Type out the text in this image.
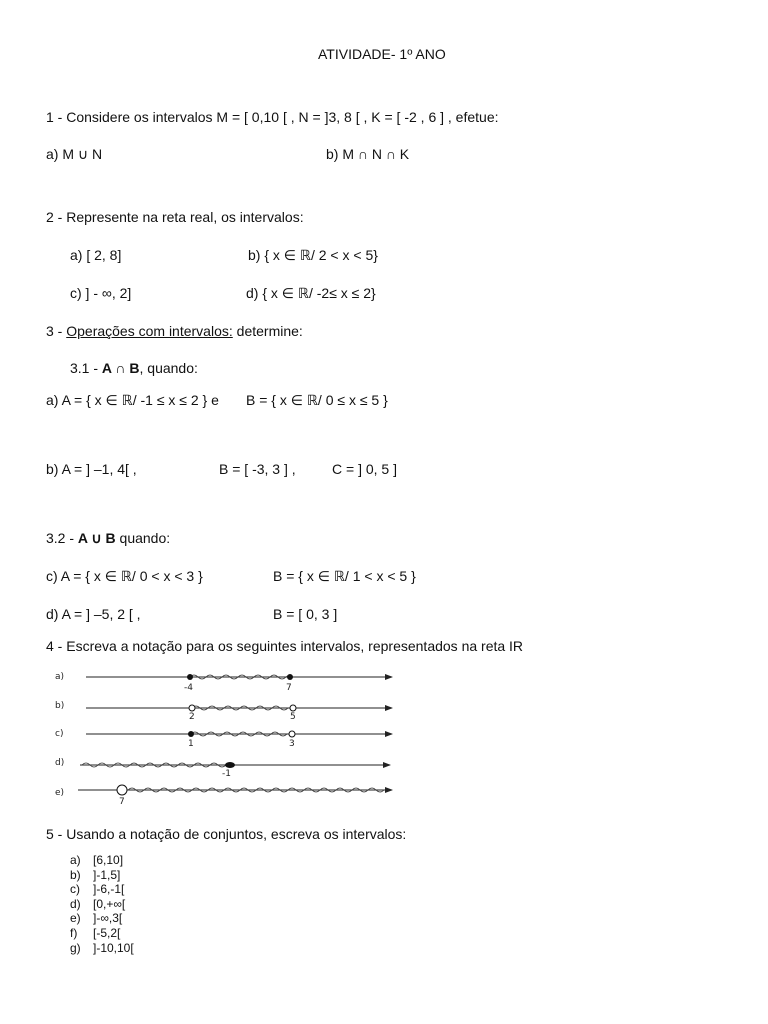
ATIVIDADE- 1º ANO
1 - Considere os intervalos M = [ 0,10 [ , N = ]3, 8 [ , K = [ -2 , 6 ] , efetue:
a) M ∪ N	b) M ∩ N ∩ K
2 - Represente na reta real, os intervalos:
a) [ 2, 8]	b) { x ∈ ℝ/ 2 < x < 5}
c) ] - ∞, 2]	d) { x ∈ ℝ/ -2≤ x ≤ 2}
3 - Operações com intervalos: determine:
3.1 - A ∩ B, quando:
a) A = { x ∈ ℝ/ -1 ≤ x ≤ 2 } e B = { x ∈ ℝ/ 0 ≤ x ≤ 5 }
b) A = ] –1, 4[ ,	B = [ -3, 3 ] ,	C = ] 0, 5 ]
3.2 - A ∪ B quando:
c) A = { x ∈ ℝ/ 0 < x < 3 }	B = { x ∈ ℝ/ 1 < x < 5 }
d) A = ] –5, 2 [ ,	B = [ 0, 3 ]
4 - Escreva a notação para os seguintes intervalos, representados na reta IR
a)
-4	7
b)
2	5
c)
1	3
d)
-1
e)
7
5 - Usando a notação de conjuntos, escreva os intervalos:
a)	[6,10]
b)	]-1,5]
c)	]-6,-1[
d)	[0,+∞[
e)	]-∞,3[
f)	[-5,2[
g)	]-10,10[
